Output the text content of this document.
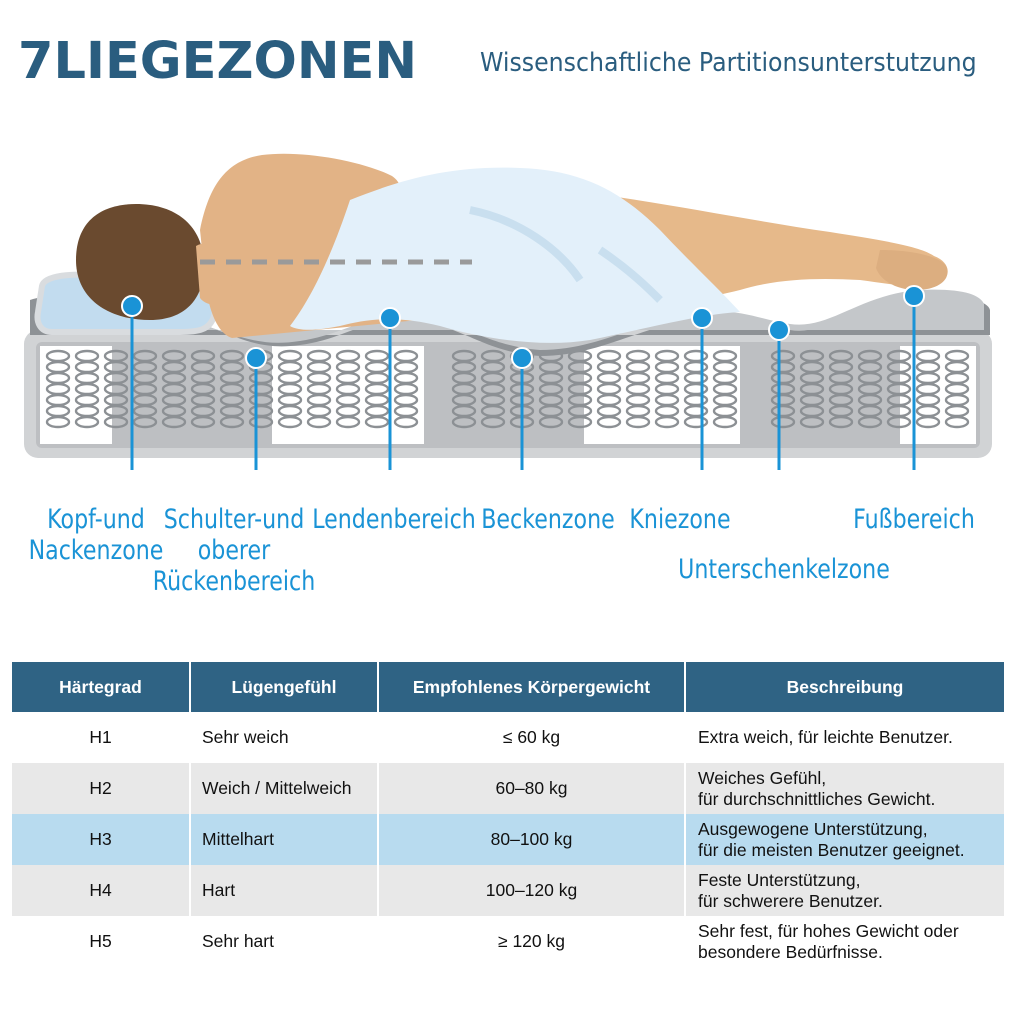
7LIEGEZONEN Wissenschaftliche Partitionsunterstutzung
Kopf-und
Nackenzone
Schulter-und
oberer
Rückenbereich
Lendenbereich Beckenzone Kniezone
Unterschenkelzone
Fußbereich
Härtegrad	Lügengefühl	Empfohlenes Körpergewicht	Beschreibung
H1	Sehr weich	≤ 60 kg	Extra weich, für leichte Benutzer.

H2	Weich / Mittelweich	60–80 kg	Weiches Gefühl,
für durchschnittliches Gewicht.

H3	Mittelhart	80–100 kg	Ausgewogene Unterstützung,
für die meisten Benutzer geeignet.

H4	Hart	100–120 kg	Feste Unterstützung,
für schwerere Benutzer.

H5	Sehr hart	≥ 120 kg	Sehr fest, für hohes Gewicht oder
besondere Bedürfnisse.
